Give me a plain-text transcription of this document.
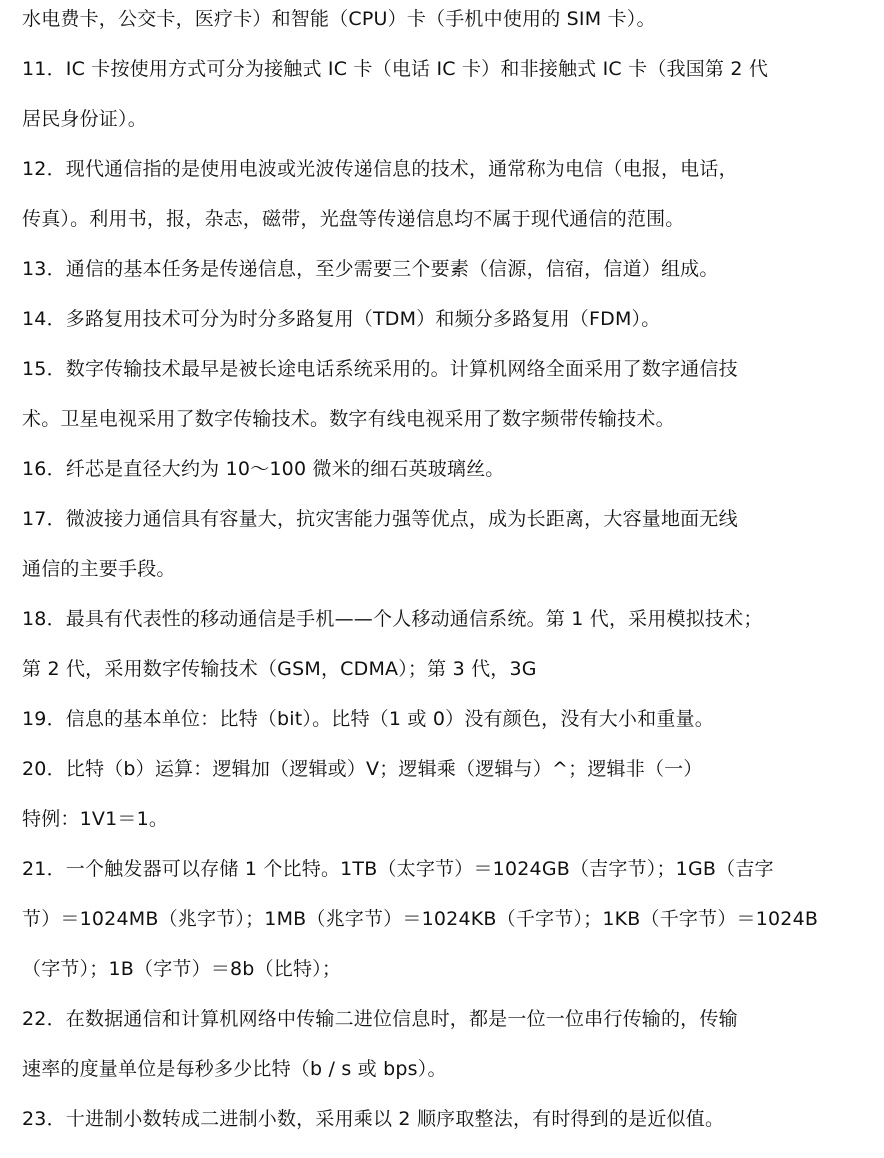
水电费卡，公交卡，医疗卡）和智能（CPU）卡（手机中使用的 SIM 卡）。
11．IC 卡按使用方式可分为接触式 IC 卡（电话 IC 卡）和非接触式 IC 卡（我国第 2 代
居民身份证）。
12．现代通信指的是使用电波或光波传递信息的技术，通常称为电信（电报，电话，
传真）。利用书，报，杂志，磁带，光盘等传递信息均不属于现代通信的范围。
13．通信的基本任务是传递信息，至少需要三个要素（信源，信宿，信道）组成。
14．多路复用技术可分为时分多路复用（TDM）和频分多路复用（FDM）。
15．数字传输技术最早是被长途电话系统采用的。计算机网络全面采用了数字通信技
术。卫星电视采用了数字传输技术。数字有线电视采用了数字频带传输技术。
16．纤芯是直径大约为 10～100 微米的细石英玻璃丝。
17．微波接力通信具有容量大，抗灾害能力强等优点，成为长距离，大容量地面无线
通信的主要手段。
18．最具有代表性的移动通信是手机——个人移动通信系统。第 1 代，采用模拟技术；
第 2 代，采用数字传输技术（GSM，CDMA）；第 3 代，3G
19．信息的基本单位：比特（bit）。比特（1 或 0）没有颜色，没有大小和重量。
20．比特（b）运算：逻辑加（逻辑或）V；逻辑乘（逻辑与）^；逻辑非（一）
特例：1V1＝1。
21．一个触发器可以存储 1 个比特。1TB（太字节）＝1024GB（吉字节）；1GB（吉字
节）＝1024MB（兆字节）；1MB（兆字节）＝1024KB（千字节）；1KB（千字节）＝1024B
（字节）；1B（字节）＝8b（比特）；
22．在数据通信和计算机网络中传输二进位信息时，都是一位一位串行传输的，传输
速率的度量单位是每秒多少比特（b / s 或 bps）。
23．十进制小数转成二进制小数，采用乘以 2 顺序取整法，有时得到的是近似值。
